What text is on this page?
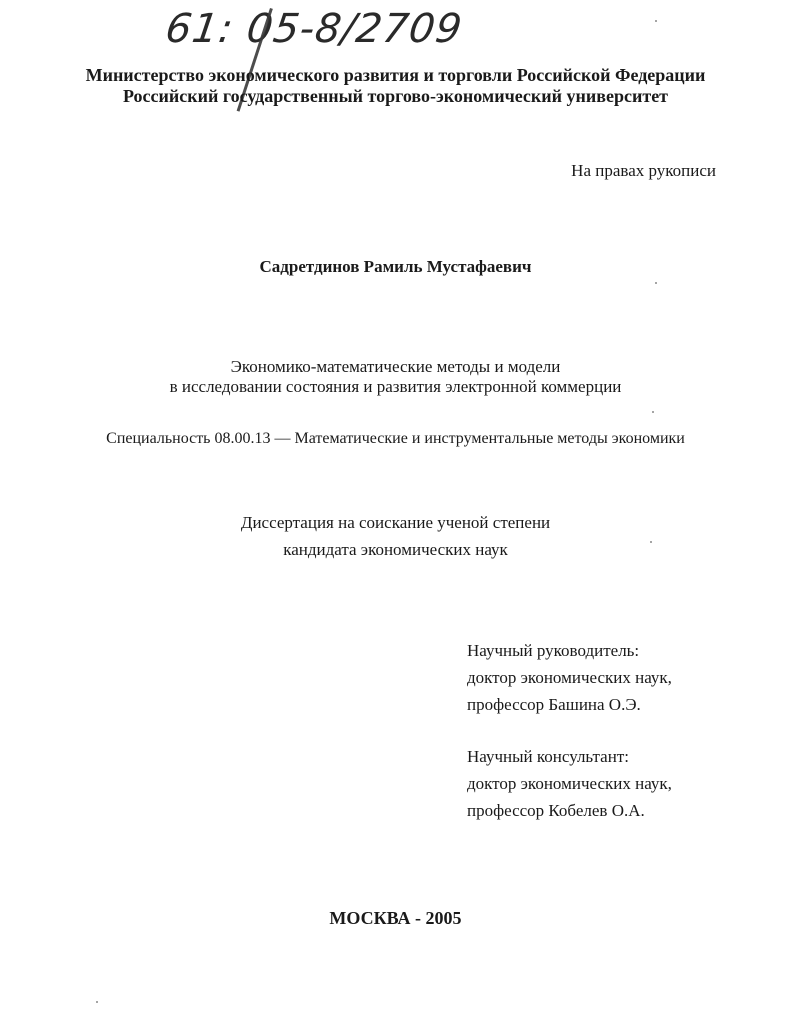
61: 05-8/2709
Министерство экономического развития и торговли Российской Федерации
Российский государственный торгово-экономический университет
На правах рукописи
Садретдинов Рамиль Мустафаевич
Экономико-математические методы и модели
в исследовании состояния и развития электронной коммерции
Специальность 08.00.13 — Математические и инструментальные методы экономики
Диссертация на соискание ученой степени
кандидата экономических наук
Научный руководитель:
доктор экономических наук,
профессор Башина О.Э.
Научный консультант:
доктор экономических наук,
профессор Кобелев О.А.
МОСКВА - 2005
